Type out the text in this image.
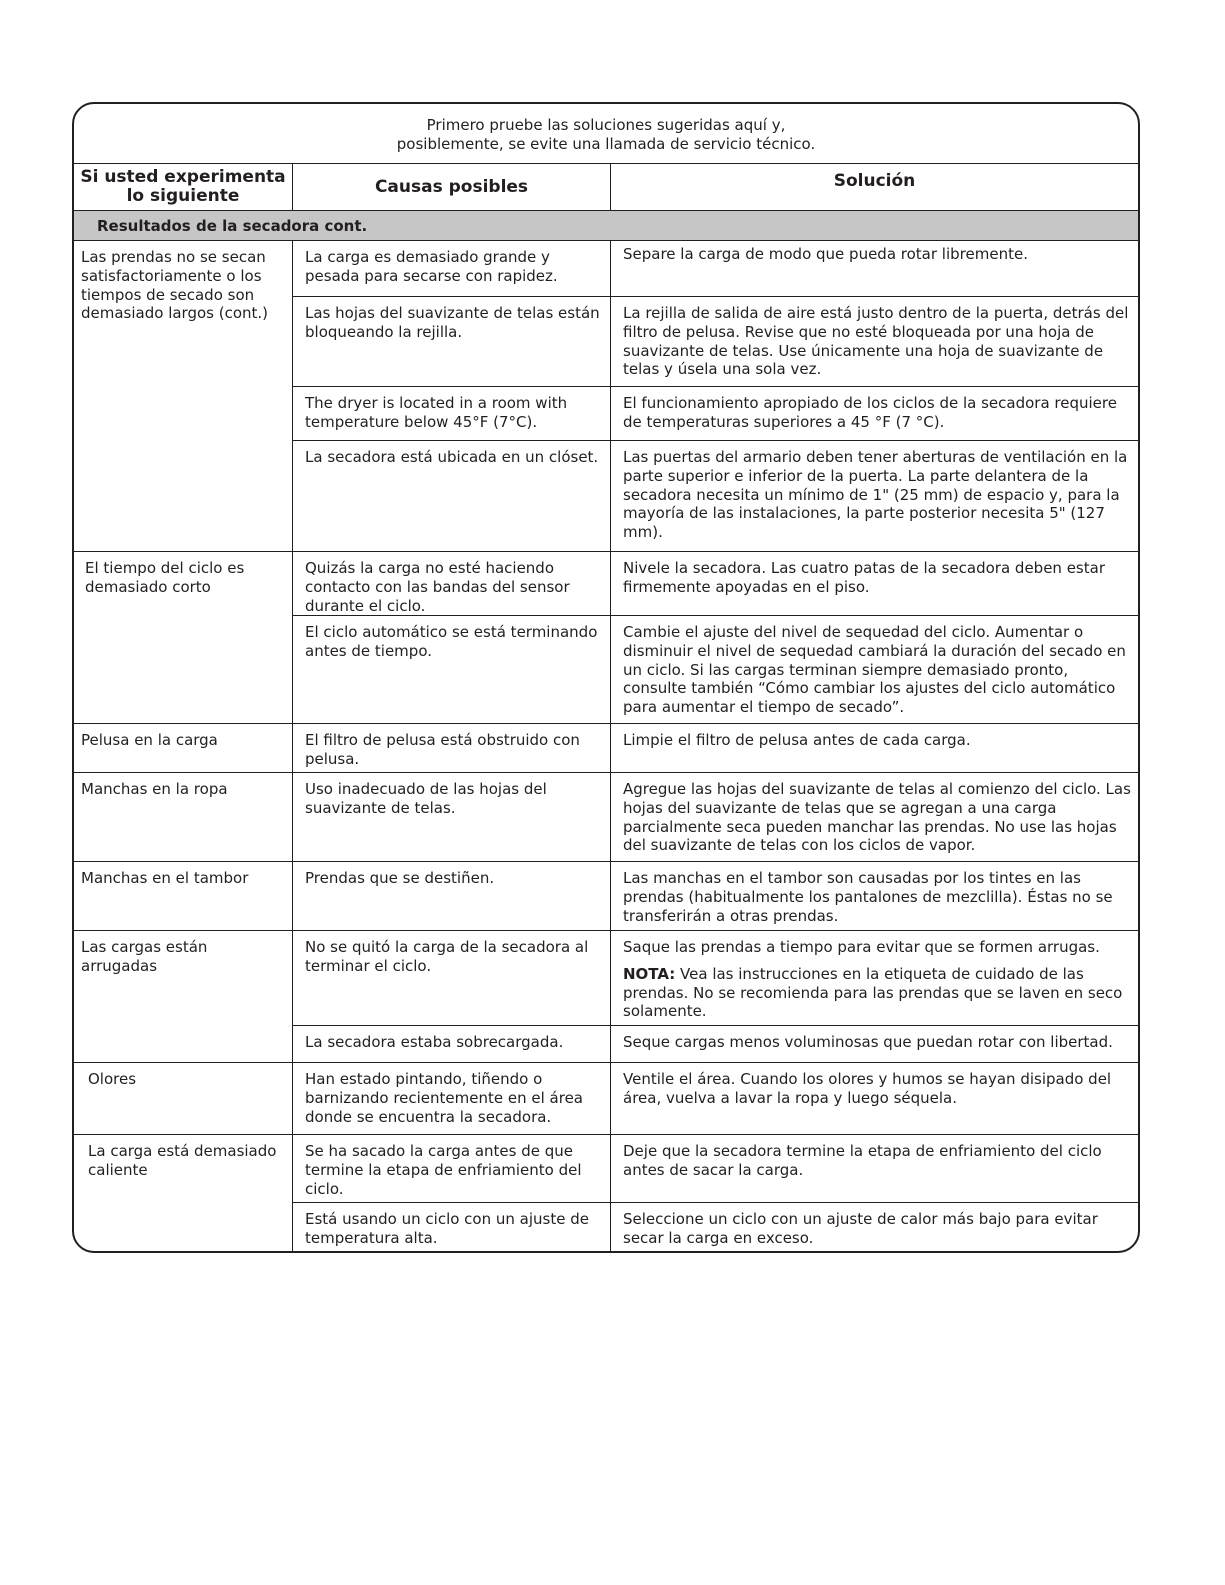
Primero pruebe las soluciones sugeridas aquí y,
posiblemente, se evite una llamada de servicio técnico.
Si usted experimenta lo siguiente	Causas posibles	Solución
Resultados de la secadora cont.
Las prendas no se secan satisfactoriamente o los tiempos de secado son demasiado largos (cont.)
El tiempo del ciclo es demasiado corto
Pelusa en la carga
Manchas en la ropa
Manchas en el tambor
Las cargas están arrugadas
Olores
La carga está demasiado caliente
La carga es demasiado grande y pesada para secarse con rapidez.
Las hojas del suavizante de telas están bloqueando la rejilla.
The dryer is located in a room with temperature below 45°F (7°C).
La secadora está ubicada en un clóset.
Quizás la carga no esté haciendo contacto con las bandas del sensor durante el ciclo.
El ciclo automático se está terminando antes de tiempo.
El filtro de pelusa está obstruido con pelusa.
Uso inadecuado de las hojas del suavizante de telas.
Prendas que se destiñen.
No se quitó la carga de la secadora al terminar el ciclo.
La secadora estaba sobrecargada.
Han estado pintando, tiñendo o barnizando recientemente en el área donde se encuentra la secadora.
Se ha sacado la carga antes de que termine la etapa de enfriamiento del ciclo.
Está usando un ciclo con un ajuste de temperatura alta.
Separe la carga de modo que pueda rotar libremente.
La rejilla de salida de aire está justo dentro de la puerta, detrás del filtro de pelusa. Revise que no esté bloqueada por una hoja de suavizante de telas. Use únicamente una hoja de suavizante de telas y úsela una sola vez.
El funcionamiento apropiado de los ciclos de la secadora requiere de temperaturas superiores a 45 °F (7 °C).
Las puertas del armario deben tener aberturas de ventilación en la parte superior e inferior de la puerta. La parte delantera de la secadora necesita un mínimo de 1" (25 mm) de espacio y, para la mayoría de las instalaciones, la parte posterior necesita 5" (127 mm).
Nivele la secadora. Las cuatro patas de la secadora deben estar firmemente apoyadas en el piso.
Cambie el ajuste del nivel de sequedad del ciclo. Aumentar o disminuir el nivel de sequedad cambiará la duración del secado en un ciclo. Si las cargas terminan siempre demasiado pronto, consulte también “Cómo cambiar los ajustes del ciclo automático para aumentar el tiempo de secado”.
Limpie el filtro de pelusa antes de cada carga.
Agregue las hojas del suavizante de telas al comienzo del ciclo. Las hojas del suavizante de telas que se agregan a una carga parcialmente seca pueden manchar las prendas. No use las hojas del suavizante de telas con los ciclos de vapor.
Las manchas en el tambor son causadas por los tintes en las prendas (habitualmente los pantalones de mezclilla). Éstas no se transferirán a otras prendas.
Saque las prendas a tiempo para evitar que se formen arrugas.
NOTA: Vea las instrucciones en la etiqueta de cuidado de las prendas. No se recomienda para las prendas que se laven en seco solamente.
Seque cargas menos voluminosas que puedan rotar con libertad.
Ventile el área. Cuando los olores y humos se hayan disipado del área, vuelva a lavar la ropa y luego séquela.
Deje que la secadora termine la etapa de enfriamiento del ciclo antes de sacar la carga.
Seleccione un ciclo con un ajuste de calor más bajo para evitar secar la carga en exceso.
